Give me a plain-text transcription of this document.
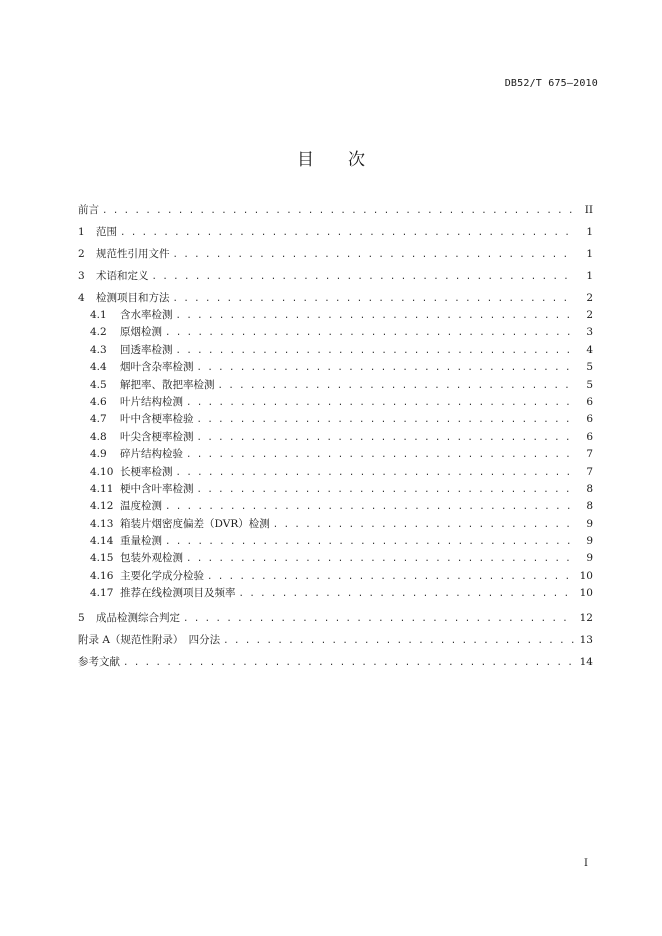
DB52/T 675—2010
目次
前言 . . .	II
1	范围 . . .	1
2	规范性引用文件 . . .	1
3	术语和定义 . . .	1
4	检测项目和方法 . . .	2
4.1	含水率检测 . . .	2
4.2	原烟检测 . . .	3
4.3	回透率检测 . . .	4
4.4	烟叶含杂率检测 . . .	5
4.5	解把率、散把率检测 . . .	5
4.6	叶片结构检测 . . .	6
4.7	叶中含梗率检验 . . .	6
4.8	叶尖含梗率检测 . . .	6
4.9	碎片结构检验 . . .	7
4.10 长梗率检测 . . .	7
4.11 梗中含叶率检测 . . .	8
4.12 温度检测 . . .	8
4.13 箱装片烟密度偏差（DVR）检测 . . .	9
4.14 重量检测 . . .	9
4.15 包装外观检测 . . .	9
4.16 主要化学成分检验 . . .	10
4.17 推荐在线检测项目及频率 . . .	10
5	成品检测综合判定 . . .	12
附录 A（规范性附录）　四分法 . . .	13
参考文献 . . .	14
I
